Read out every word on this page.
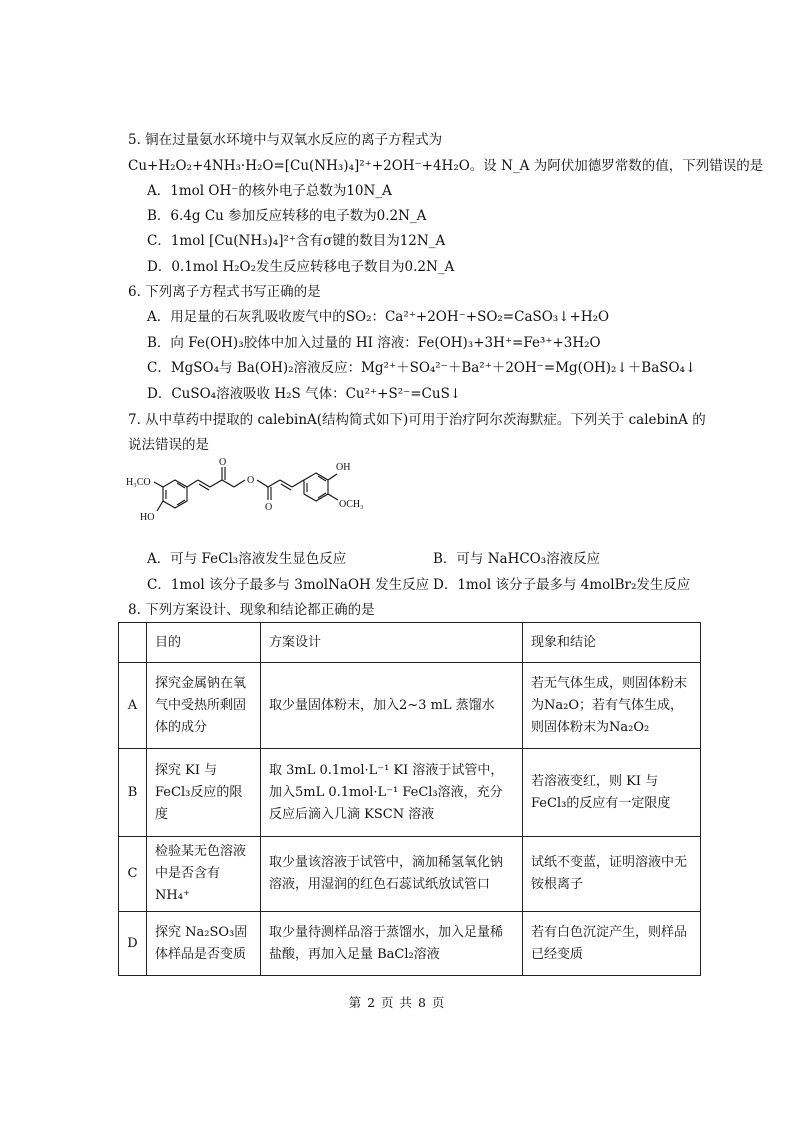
5. 铜在过量氨水环境中与双氧水反应的离子方程式为
Cu+H₂O₂+4NH₃·H₂O=[Cu(NH₃)₄]²⁺+2OH⁻+4H₂O。设 N_A 为阿伏加德罗常数的值，下列错误的是
A．1mol OH⁻的核外电子总数为10N_A
B．6.4g Cu 参加反应转移的电子数为0.2N_A
C．1mol [Cu(NH₃)₄]²⁺含有σ键的数目为12N_A
D．0.1mol H₂O₂发生反应转移电子数目为0.2N_A
6. 下列离子方程式书写正确的是
A．用足量的石灰乳吸收废气中的SO₂：Ca²⁺+2OH⁻+SO₂=CaSO₃↓+H₂O
B．向 Fe(OH)₃胶体中加入过量的 HI 溶液：Fe(OH)₃+3H⁺=Fe³⁺+3H₂O
C．MgSO₄与 Ba(OH)₂溶液反应：Mg²⁺＋SO₄²⁻＋Ba²⁺＋2OH⁻=Mg(OH)₂↓＋BaSO₄↓
D．CuSO₄溶液吸收 H₂S 气体：Cu²⁺+S²⁻=CuS↓
7. 从中草药中提取的 calebinA(结构简式如下)可用于治疗阿尔茨海默症。下列关于 calebinA 的
说法错误的是
H₃CO
HO
O
O
O
OH
OCH₃
A．可与 FeCl₃溶液发生显色反应	B．可与 NaHCO₃溶液反应
C．1mol 该分子最多与 3molNaOH 发生反应 D．1mol 该分子最多与 4molBr₂发生反应
8. 下列方案设计、现象和结论都正确的是
	目的	方案设计	现象和结论
A	探究金属钠在氧气中受热所剩固体的成分	取少量固体粉末，加入2~3 mL 蒸馏水	若无气体生成，则固体粉末为Na₂O；若有气体生成，则固体粉末为Na₂O₂
B	探究 KI 与 FeCl₃反应的限度	取 3mL 0.1mol·L⁻¹ KI 溶液于试管中，加入5mL 0.1mol·L⁻¹ FeCl₃溶液，充分反应后滴入几滴 KSCN 溶液	若溶液变红，则 KI 与 FeCl₃的反应有一定限度
C	检验某无色溶液中是否含有 NH₄⁺	取少量该溶液于试管中，滴加稀氢氧化钠溶液，用湿润的红色石蕊试纸放试管口	试纸不变蓝，证明溶液中无铵根离子
D	探究 Na₂SO₃固体样品是否变质	取少量待测样品溶于蒸馏水，加入足量稀盐酸，再加入足量 BaCl₂溶液	若有白色沉淀产生，则样品已经变质
第 2 页 共 8 页
